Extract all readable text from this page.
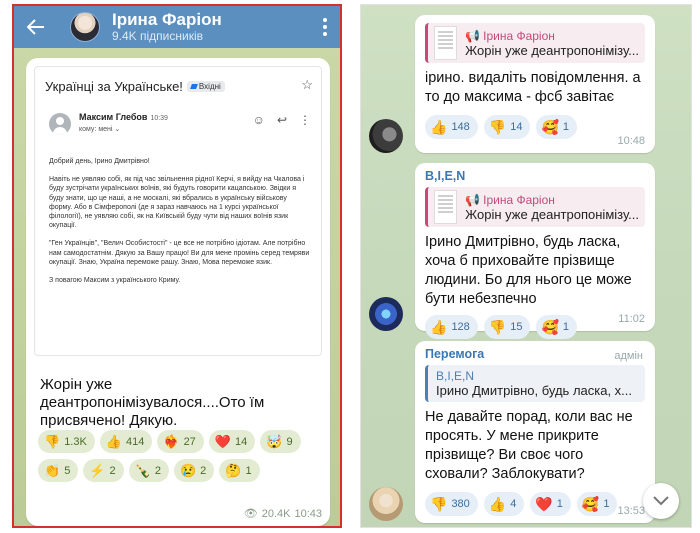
Ірина Фаріон
9.4K підписників
Українці за Українське! Вхідні	☆
Максим Глебов 10:39
кому: мені ⌄
☺ ↩ ⋮

Добрий день, Ірино Дмитрівно!

Навіть не уявляю собі, як під час звільнення рідної Керчі, я вийду на Чкалова і буду зустрічати українських воїнів, які будуть говорити кацапською. Звідки я буду знати, що це наші, а не москалі, які вбрались в українську військову форму. Або в Сімферополі (де я зараз навчаюсь на 1 курсі української філології), не уявляю собі, як на Київській буду чути від наших воїнів язик окупації.

"Ген Українців", "Велич Особистості" - це все не потрібно ідіотам. Але потрібно нам самодостатнім. Дякую за Вашу працю! Ви для мене промінь серед темряви окупації. Знаю, Україна переможе рашу. Знаю, Мова переможе язик.

З повагою Максим з українського Криму.

Жорін уже деантропонімізувалося....Ото їм присвячено! Дякую.
👎 1.3K 👍 414 ❤️‍🔥 27 ❤️ 14 🤯 9
👏 5 ⚡ 2 🍾 2 😢 2 🤔 1
👁 20.4K 10:43
📢 Ірина Фаріон
Жорін уже деантропонімізу...
ірино. видаліть повідомлення. а то до максима - фсб завітає
👍 148 👎 14 🥰 1
10:48
B,I,E,N
📢 Ірина Фаріон
Жорін уже деантропонімізу...
Ірино Дмитрівно, будь ласка, хоча б приховайте прізвище людини. Бо для нього це може бути небезпечно
👍 128 👎 15 🥰 1
11:02
Перемога	адмін
B,I,E,N
Ірино Дмитрівно, будь ласка, х...
Не давайте порад, коли вас не просять. У мене прикрите прізвище? Ви своє чого сховали? Заблокувати?
👎 380 👍 4 ❤️ 1 🥰 1
13:53
